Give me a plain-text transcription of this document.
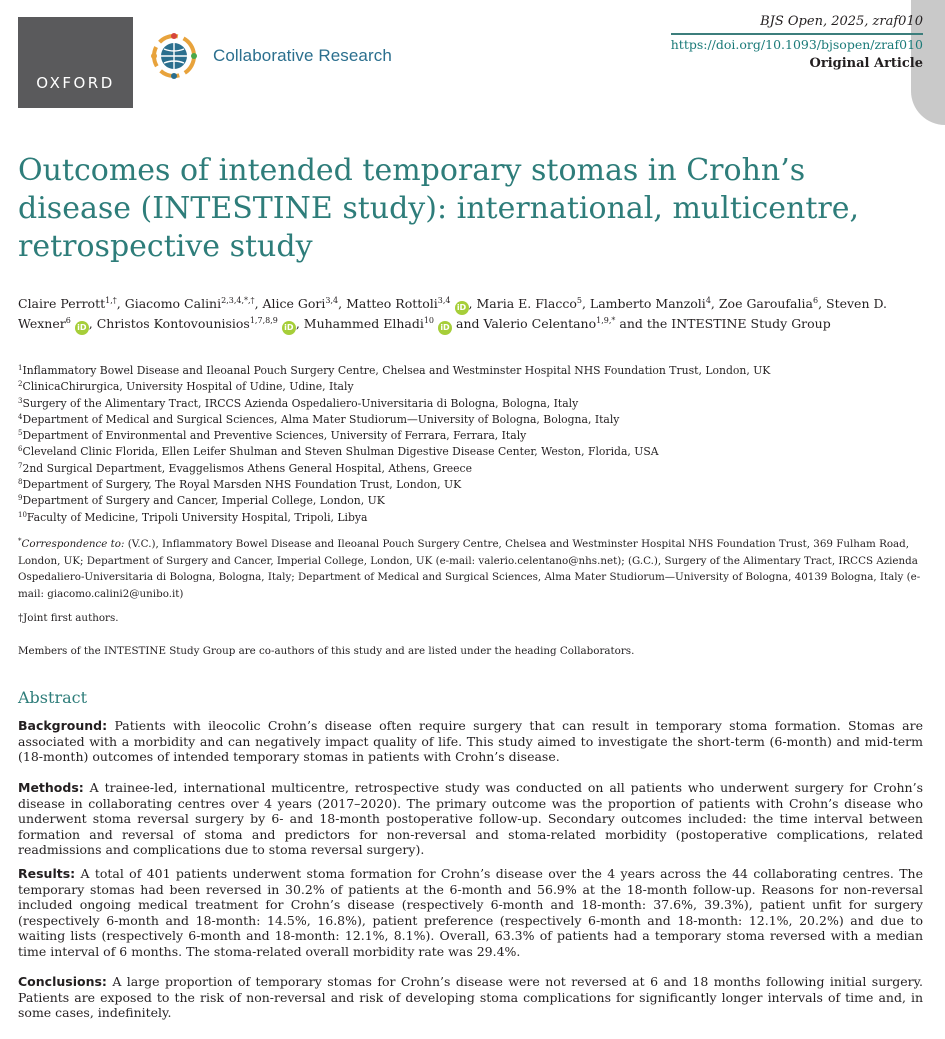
OXFORD
Collaborative Research
BJS Open, 2025, zraf010
https://doi.org/10.1093/bjsopen/zraf010
Original Article
Outcomes of intended temporary stomas in Crohn’s disease (INTESTINE study): international, multicentre, retrospective study
Claire Perrott$^{1,\dagger}$, Giacomo Calini$^{2,3,4,*,\dagger}$, Alice Gori$^{3,4}$, Matteo Rottoli$^{3,4}$ iD , Maria E. Flacco$^5$, Lamberto Manzoli$^4$, Zoe Garoufalia$^6$, Steven D. Wexner$^6$ iD , Christos Kontovounisios$^{1,7,8,9}$ iD , Muhammed Elhadi$^{10}$ iD and Valerio Celentano$^{1,9,*}$ and the INTESTINE Study Group
$^1$Inflammatory Bowel Disease and Ileoanal Pouch Surgery Centre, Chelsea and Westminster Hospital NHS Foundation Trust, London, UK
$^2$ClinicaChirurgica, University Hospital of Udine, Udine, Italy
$^3$Surgery of the Alimentary Tract, IRCCS Azienda Ospedaliero-Universitaria di Bologna, Bologna, Italy
$^4$Department of Medical and Surgical Sciences, Alma Mater Studiorum—University of Bologna, Bologna, Italy
$^5$Department of Environmental and Preventive Sciences, University of Ferrara, Ferrara, Italy
$^6$Cleveland Clinic Florida, Ellen Leifer Shulman and Steven Shulman Digestive Disease Center, Weston, Florida, USA
$^7$2nd Surgical Department, Evaggelismos Athens General Hospital, Athens, Greece
$^8$Department of Surgery, The Royal Marsden NHS Foundation Trust, London, UK
$^9$Department of Surgery and Cancer, Imperial College, London, UK
$^{10}$Faculty of Medicine, Tripoli University Hospital, Tripoli, Libya
*Correspondence to: (V.C.), Inflammatory Bowel Disease and Ileoanal Pouch Surgery Centre, Chelsea and Westminster Hospital NHS Foundation Trust, 369 Fulham Road, London, UK; Department of Surgery and Cancer, Imperial College, London, UK (e-mail: valerio.celentano@nhs.net); (G.C.), Surgery of the Alimentary Tract, IRCCS Azienda Ospedaliero-Universitaria di Bologna, Bologna, Italy; Department of Medical and Surgical Sciences, Alma Mater Studiorum—University of Bologna, 40139 Bologna, Italy (e-mail: giacomo.calini2@unibo.it)
†Joint first authors.
Members of the INTESTINE Study Group are co-authors of this study and are listed under the heading Collaborators.
Abstract
Background: Patients with ileocolic Crohn’s disease often require surgery that can result in temporary stoma formation. Stomas are associated with a morbidity and can negatively impact quality of life. This study aimed to investigate the short-term (6-month) and mid-term (18-month) outcomes of intended temporary stomas in patients with Crohn’s disease.
Methods: A trainee-led, international multicentre, retrospective study was conducted on all patients who underwent surgery for Crohn’s disease in collaborating centres over 4 years (2017–2020). The primary outcome was the proportion of patients with Crohn’s disease who underwent stoma reversal surgery by 6- and 18-month postoperative follow-up. Secondary outcomes included: the time interval between formation and reversal of stoma and predictors for non-reversal and stoma-related morbidity (postoperative complications, related readmissions and complications due to stoma reversal surgery).
Results: A total of 401 patients underwent stoma formation for Crohn’s disease over the 4 years across the 44 collaborating centres. The temporary stomas had been reversed in 30.2% of patients at the 6-month and 56.9% at the 18-month follow-up. Reasons for non-reversal included ongoing medical treatment for Crohn’s disease (respectively 6-month and 18-month: 37.6%, 39.3%), patient unfit for surgery (respectively 6-month and 18-month: 14.5%, 16.8%), patient preference (respectively 6-month and 18-month: 12.1%, 20.2%) and due to waiting lists (respectively 6-month and 18-month: 12.1%, 8.1%). Overall, 63.3% of patients had a temporary stoma reversed with a median time interval of 6 months. The stoma-related overall morbidity rate was 29.4%.
Conclusions: A large proportion of temporary stomas for Crohn’s disease were not reversed at 6 and 18 months following initial surgery. Patients are exposed to the risk of non-reversal and risk of developing stoma complications for significantly longer intervals of time and, in some cases, indefinitely.
